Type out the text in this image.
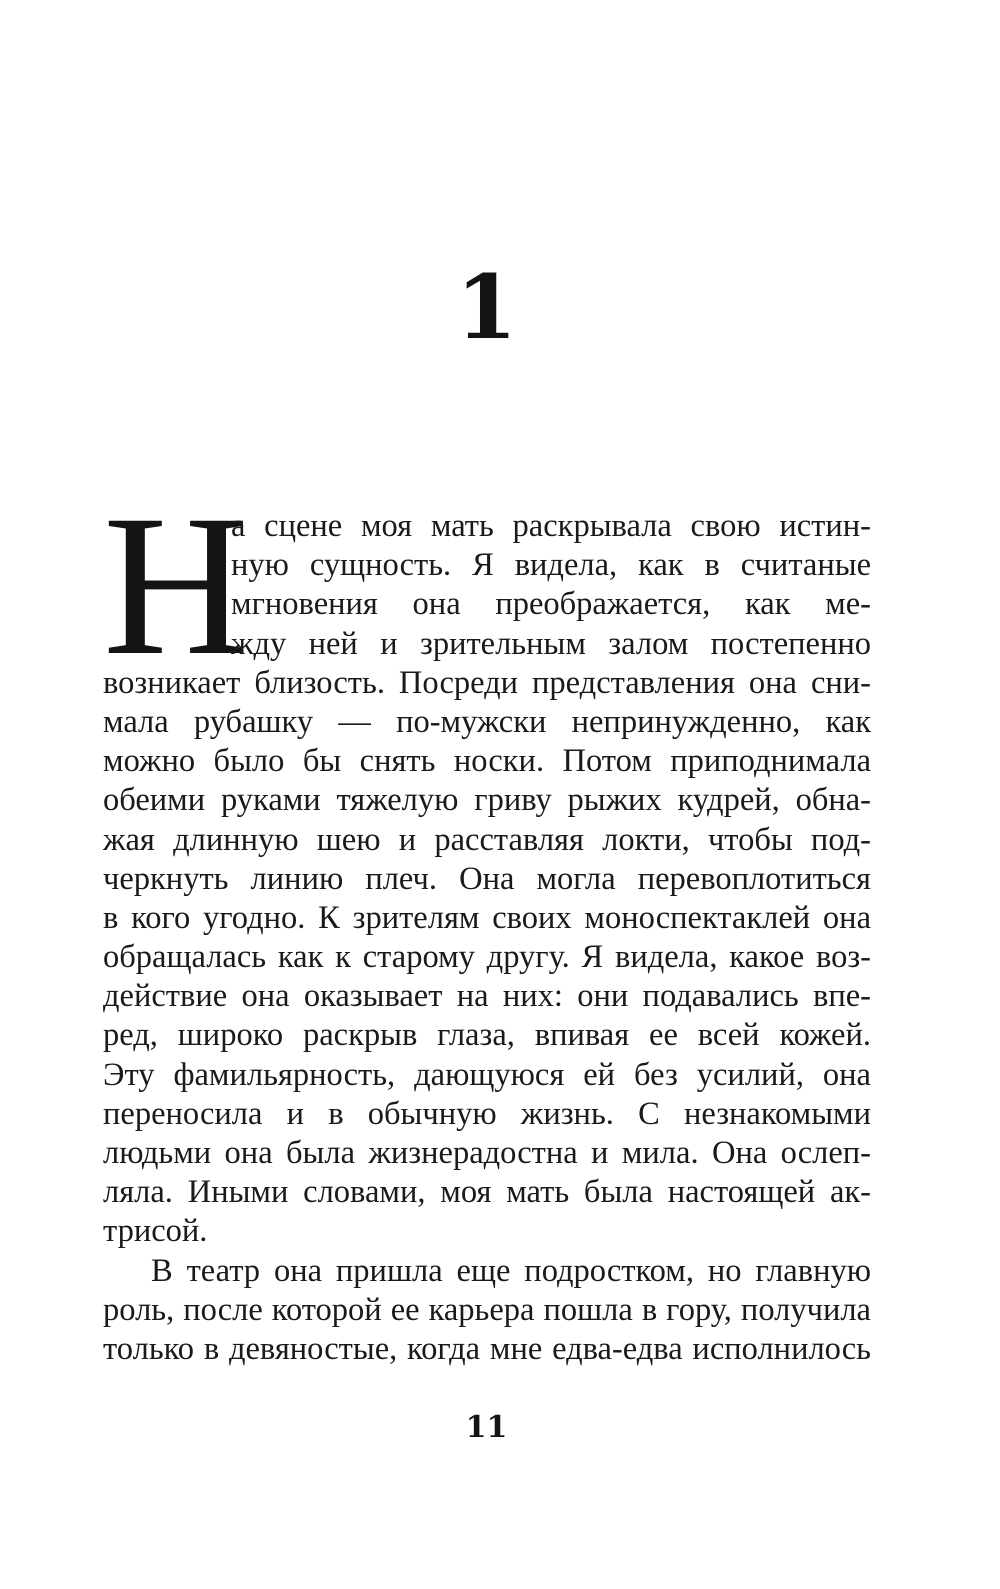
1
Н
а сцене моя мать раскрывала свою истин-
ную сущность. Я видела, как в считаные
мгновения она преображается, как ме-
жду ней и зрительным залом постепенно
возникает близость. Посреди представления она сни-
мала рубашку — по-мужски непринужденно, как
можно было бы снять носки. Потом приподнимала
обеими руками тяжелую гриву рыжих кудрей, обна-
жая длинную шею и расставляя локти, чтобы под-
черкнуть линию плеч. Она могла перевоплотиться
в кого угодно. К зрителям своих моноспектаклей она
обращалась как к старому другу. Я видела, какое воз-
действие она оказывает на них: они подавались впе-
ред, широко раскрыв глаза, впивая ее всей кожей.
Эту фамильярность, дающуюся ей без усилий, она
переносила и в обычную жизнь. С незнакомыми
людьми она была жизнерадостна и мила. Она ослеп-
ляла. Иными словами, моя мать была настоящей ак-
трисой.
В театр она пришла еще подростком, но главную
роль, после которой ее карьера пошла в гору, получила
только в девяностые, когда мне едва-едва исполнилось
11
